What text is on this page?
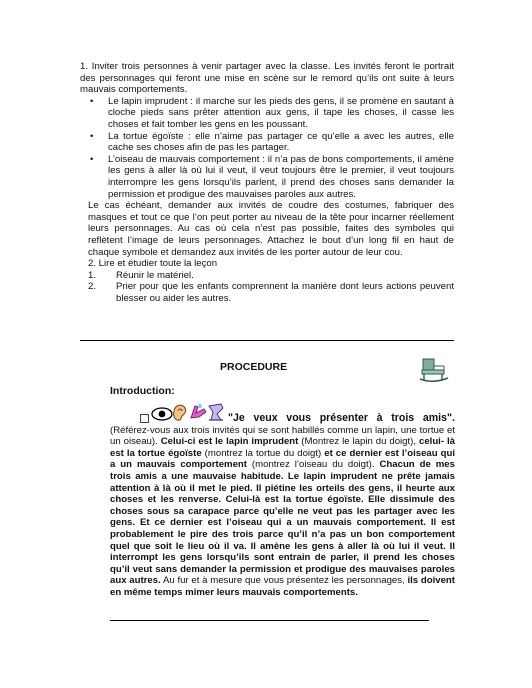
1. Inviter trois personnes à venir partager avec la classe. Les invités feront le portrait des personnages qui feront une mise en scène sur le remord qu’ils ont suite à leurs mauvais comportements.
• Le lapin imprudent : il marche sur les pieds des gens, il se promène en sautant à cloche pieds sans prêter attention aux gens, il tape les choses, il casse les choses et fait tomber les gens en les poussant.
• La tortue égoïste : elle n’aime pas partager ce qu’elle a avec les autres, elle cache ses choses afin de pas les partager.
• L’oiseau de mauvais comportement : il n’a pas de bons comportements, il amène les gens à aller là où lui il veut, il veut toujours être le premier, il veut toujours interrompre les gens lorsqu’ils parlent, il prend des choses sans demander la permission et prodigue des mauvaises paroles aux autres.
Le cas échéant, demander aux invités de coudre des costumes, fabriquer des masques et tout ce que l’on peut porter au niveau de la tête pour incarner réellement leurs personnages. Au cas où cela n’est pas possible, faites des symboles qui reflètent l’image de leurs personnages. Attachez le bout d’un long fil en haut de chaque symbole et demandez aux invités de les porter autour de leur cou.
2. Lire et étudier toute la leçon
1. Réunir le matériel.
2. Prier pour que les enfants comprennent la manière dont leurs actions peuvent blesser ou aider les autres.
PROCEDURE
Introduction:
"Je veux vous présenter à trois amis". (Référez-vous aux trois invités qui se sont habillés comme un lapin, une tortue et un oiseau). Celui-ci est le lapin imprudent (Montrez le lapin du doigt), celui- là est la tortue égoïste (montrez la tortue du doigt) et ce dernier est l’oiseau qui a un mauvais comportement (montrez l’oiseau du doigt). Chacun de mes trois amis a une mauvaise habitude. Le lapin imprudent ne prête jamais attention à là où il met le pied. Il piétine les orteils des gens, il heurte aux choses et les renverse. Celui-là est la tortue égoïste. Elle dissimule des choses sous sa carapace parce qu’elle ne veut pas les partager avec les gens. Et ce dernier est l’oiseau qui a un mauvais comportement. Il est probablement le pire des trois parce qu’il n’a pas un bon comportement quel que soit le lieu où il va. Il amène les gens à aller là où lui il veut. Il interrompt les gens lorsqu’ils sont entrain de parler, il prend les choses qu’il veut sans demander la permission et prodigue des mauvaises paroles aux autres. Au fur et à mesure que vous présentez les personnages, ils doivent en même temps mimer leurs mauvais comportements.
